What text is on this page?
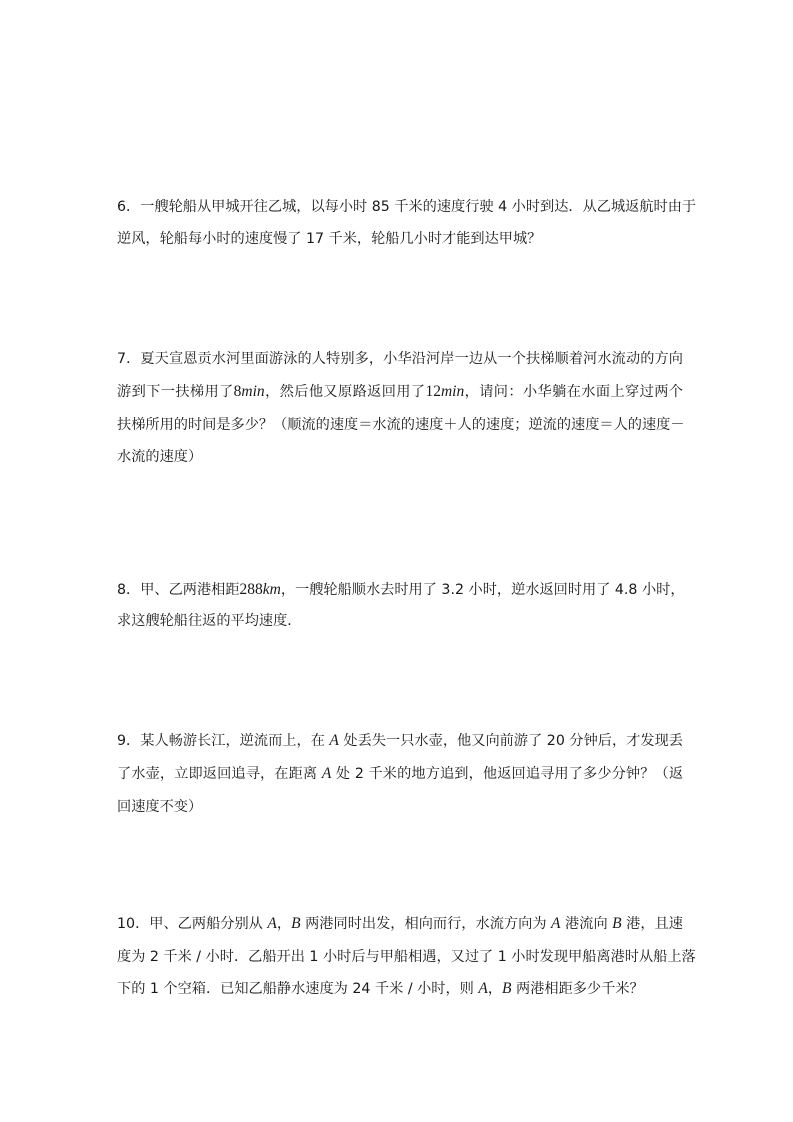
6．一艘轮船从甲城开往乙城，以每小时 85 千米的速度行驶 4 小时到达．从乙城返航时由于
逆风，轮船每小时的速度慢了 17 千米，轮船几小时才能到达甲城？
7．夏天宣恩贡水河里面游泳的人特别多，小华沿河岸一边从一个扶梯顺着河水流动的方向
游到下一扶梯用了8min，然后他又原路返回用了12min，请问：小华躺在水面上穿过两个
扶梯所用的时间是多少？（顺流的速度＝水流的速度＋人的速度；逆流的速度＝人的速度－
水流的速度）
8．甲、乙两港相距288km，一艘轮船顺水去时用了 3.2 小时，逆水返回时用了 4.8 小时，
求这艘轮船往返的平均速度．
9．某人畅游长江，逆流而上，在 A 处丢失一只水壶，他又向前游了 20 分钟后，才发现丢
了水壶，立即返回追寻，在距离 A 处 2 千米的地方追到，他返回追寻用了多少分钟？（返
回速度不变）
10．甲、乙两船分别从 A，B 两港同时出发，相向而行，水流方向为 A 港流向 B 港，且速
度为 2 千米 / 小时．乙船开出 1 小时后与甲船相遇，又过了 1 小时发现甲船离港时从船上落
下的 1 个空箱．已知乙船静水速度为 24 千米 / 小时，则 A，B 两港相距多少千米？
